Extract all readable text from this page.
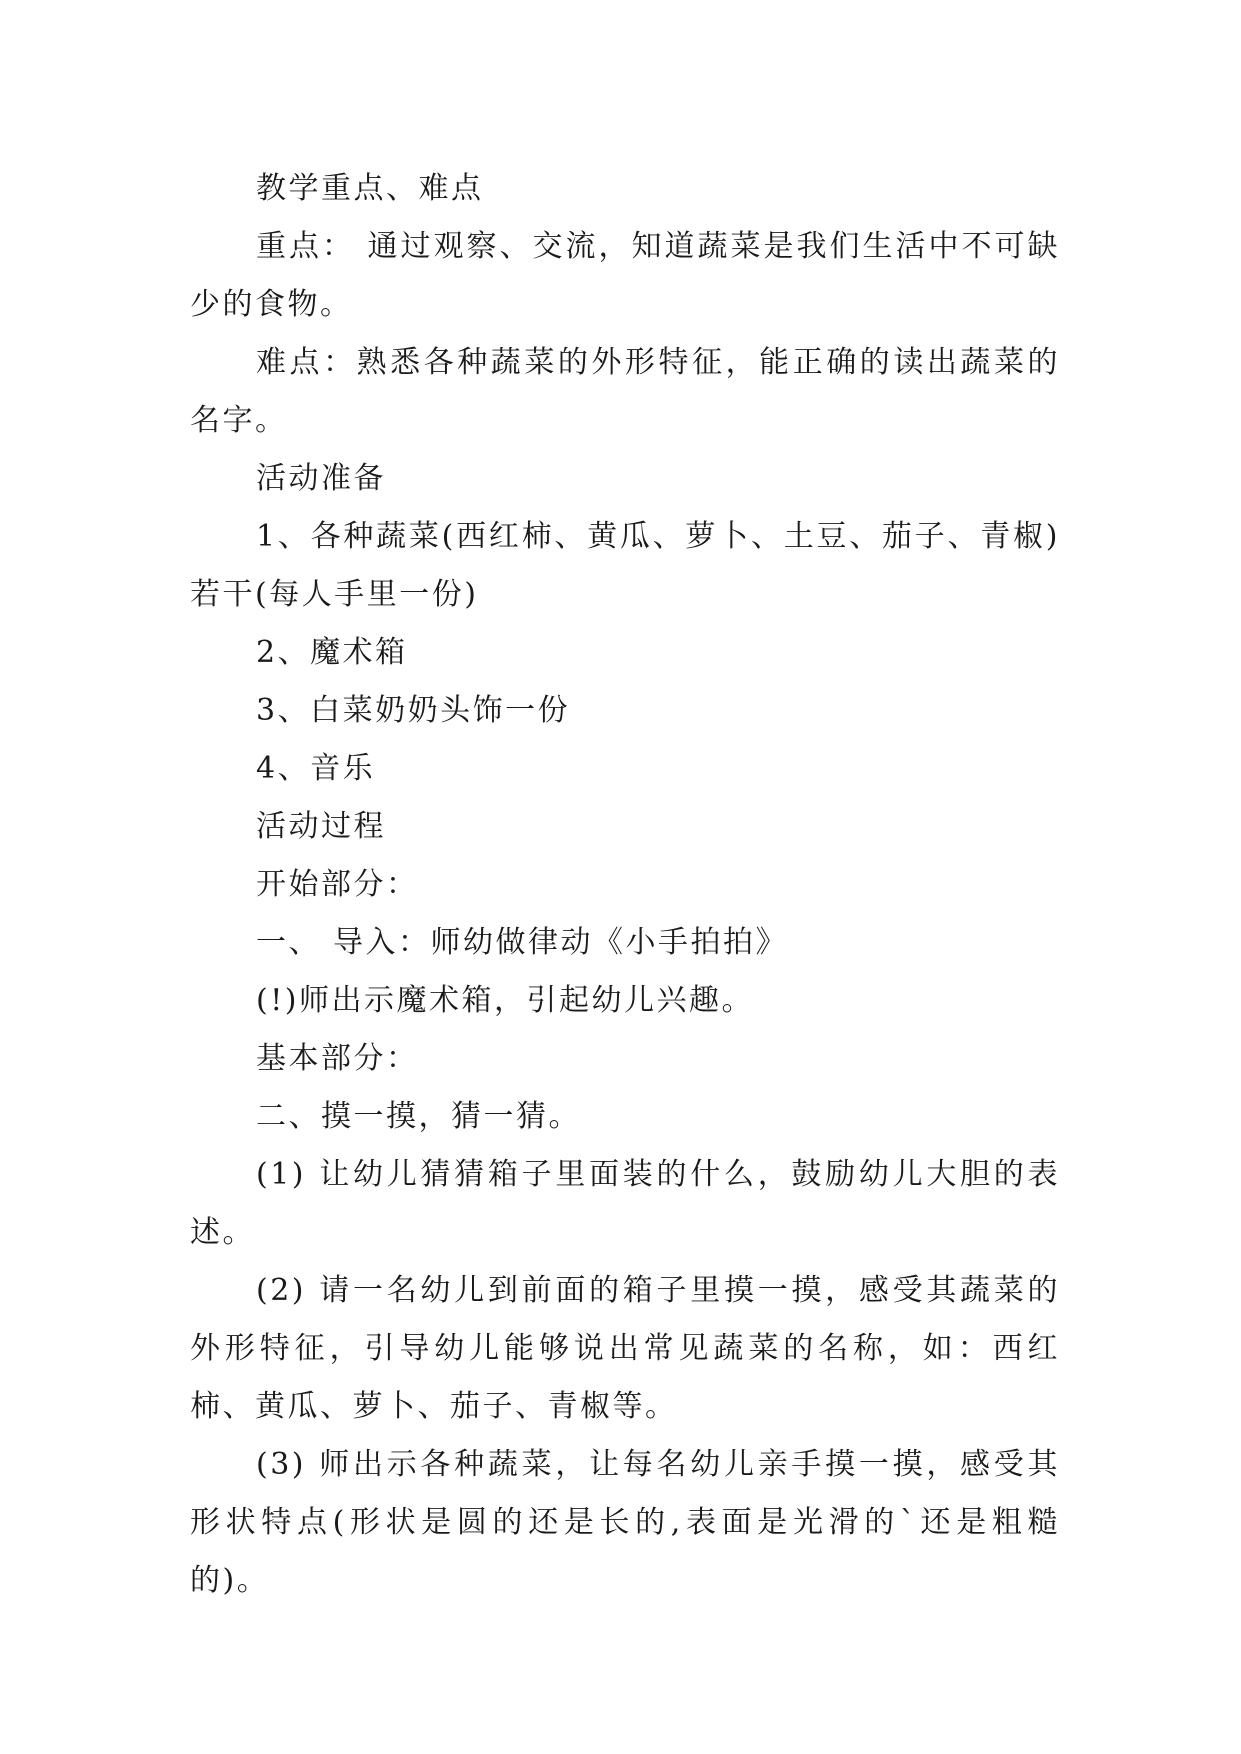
教学重点、难点

重点： 通过观察、交流，知道蔬菜是我们生活中不可缺少的食物。

难点：熟悉各种蔬菜的外形特征，能正确的读出蔬菜的名字。

活动准备

1、各种蔬菜(西红柿、黄瓜、萝卜、土豆、茄子、青椒)若干(每人手里一份)

2、魔术箱

3、白菜奶奶头饰一份

4、音乐

活动过程

开始部分：

一、 导入：师幼做律动《小手拍拍》

(!)师出示魔术箱，引起幼儿兴趣。

基本部分：

二、摸一摸，猜一猜。

(1) 让幼儿猜猜箱子里面装的什么，鼓励幼儿大胆的表述。

(2) 请一名幼儿到前面的箱子里摸一摸，感受其蔬菜的外形特征，引导幼儿能够说出常见蔬菜的名称，如：西红柿、黄瓜、萝卜、茄子、青椒等。

(3) 师出示各种蔬菜，让每名幼儿亲手摸一摸，感受其形状特点(形状是圆的还是长的,表面是光滑的`还是粗糙的)。
